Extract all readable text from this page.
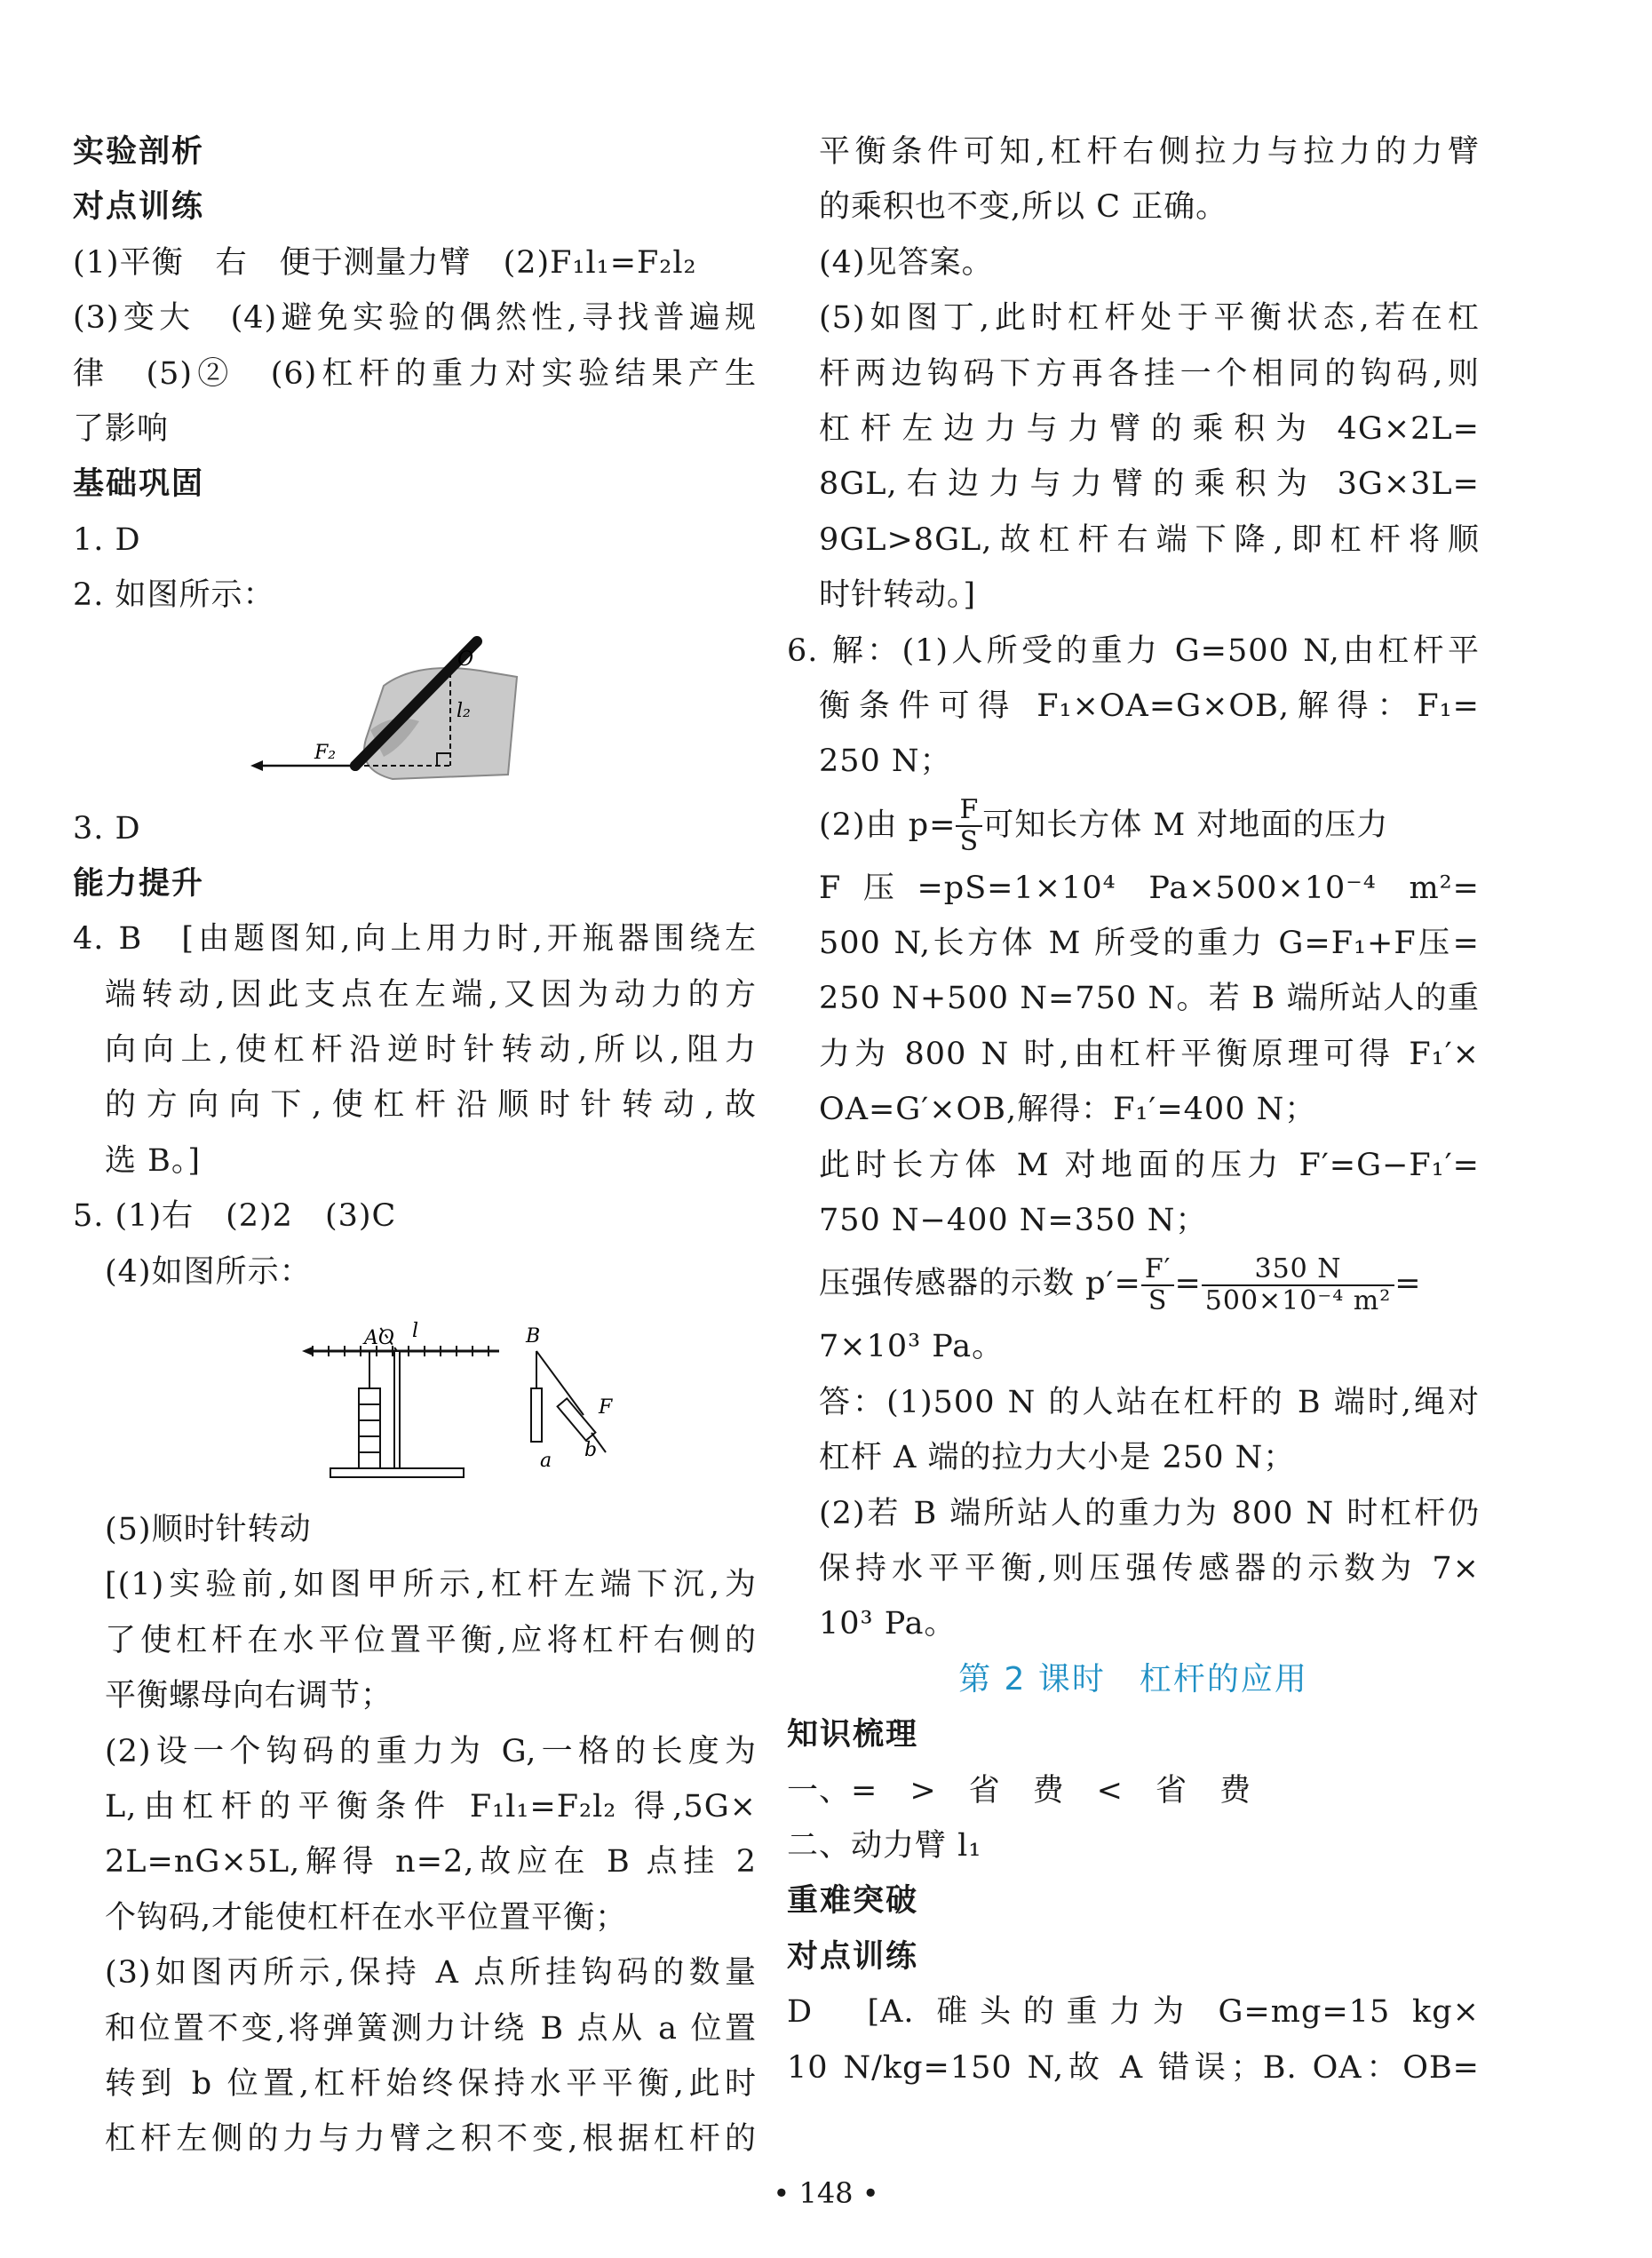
实验剖析
对点训练
(1)平衡　右　便于测量力臂　(2)F₁l₁=F₂l₂
(3)变大　(4)避免实验的偶然性,寻找普遍规
律　(5)②　(6)杠杆的重力对实验结果产生
了影响
基础巩固
1. D
2. 如图所示：
O
l₂
F₂
3. D
能力提升
4. B　[由题图知,向上用力时,开瓶器围绕左
端转动,因此支点在左端,又因为动力的方
向向上,使杠杆沿逆时针转动,所以,阻力
的方向向下,使杠杆沿顺时针转动,故
选 B。]
5. (1)右　(2)2　(3)C
(4)如图所示：
AO l	B
F
a b
(5)顺时针转动
[(1)实验前,如图甲所示,杠杆左端下沉,为
了使杠杆在水平位置平衡,应将杠杆右侧的
平衡螺母向右调节；
(2)设一个钩码的重力为 G,一格的长度为
L,由杠杆的平衡条件 F₁l₁=F₂l₂ 得,5G×
2L=nG×5L,解得 n=2,故应在 B 点挂 2
个钩码,才能使杠杆在水平位置平衡；
(3)如图丙所示,保持 A 点所挂钩码的数量
和位置不变,将弹簧测力计绕 B 点从 a 位置
转到 b 位置,杠杆始终保持水平平衡,此时
杠杆左侧的力与力臂之积不变,根据杠杆的
平衡条件可知,杠杆右侧拉力与拉力的力臂
的乘积也不变,所以 C 正确。
(4)见答案。
(5)如图丁,此时杠杆处于平衡状态,若在杠
杆两边钩码下方再各挂一个相同的钩码,则
杠杆左边力与力臂的乘积为 4G×2L=
8GL,右边力与力臂的乘积为 3G×3L=
9GL>8GL,故杠杆右端下降,即杠杆将顺
时针转动。]
6. 解：(1)人所受的重力 G=500 N,由杠杆平
衡条件可得 F₁×OA=G×OB,解得：F₁=
250 N；
(2)由 $p= \frac{F}{S}$ 可知长方体 M 对地面的压力
F压=pS=1×10⁴ Pa×500×10⁻⁴ m²=
500 N,长方体 M 所受的重力 G=F₁+F压=
250 N+500 N=750 N。若 B 端所站人的重
力为 800 N 时,由杠杆平衡原理可得 F₁′×
OA=G′×OB,解得：F₁′=400 N；
此时长方体 M 对地面的压力 F′=G−F₁′=
750 N−400 N=350 N；
压强传感器的示数 $p'= \frac{F'}{S} = \frac{350 N}{\text{500×10⁻⁴ m²}}$ =
7×10³ Pa。
答：(1)500 N 的人站在杠杆的 B 端时,绳对
杠杆 A 端的拉力大小是 250 N；
(2)若 B 端所站人的重力为 800 N 时杠杆仍
保持水平平衡,则压强传感器的示数为 7×
10³ Pa。
第 2 课时　杠杆的应用
知识梳理
一、=　>　省　费　<　省　费
二、动力臂 l₁
重难突破
对点训练
D　[A. 碓头的重力为 G=mg=15 kg×
10 N/kg=150 N,故 A 错误；B. OA：OB=
• 148 •
